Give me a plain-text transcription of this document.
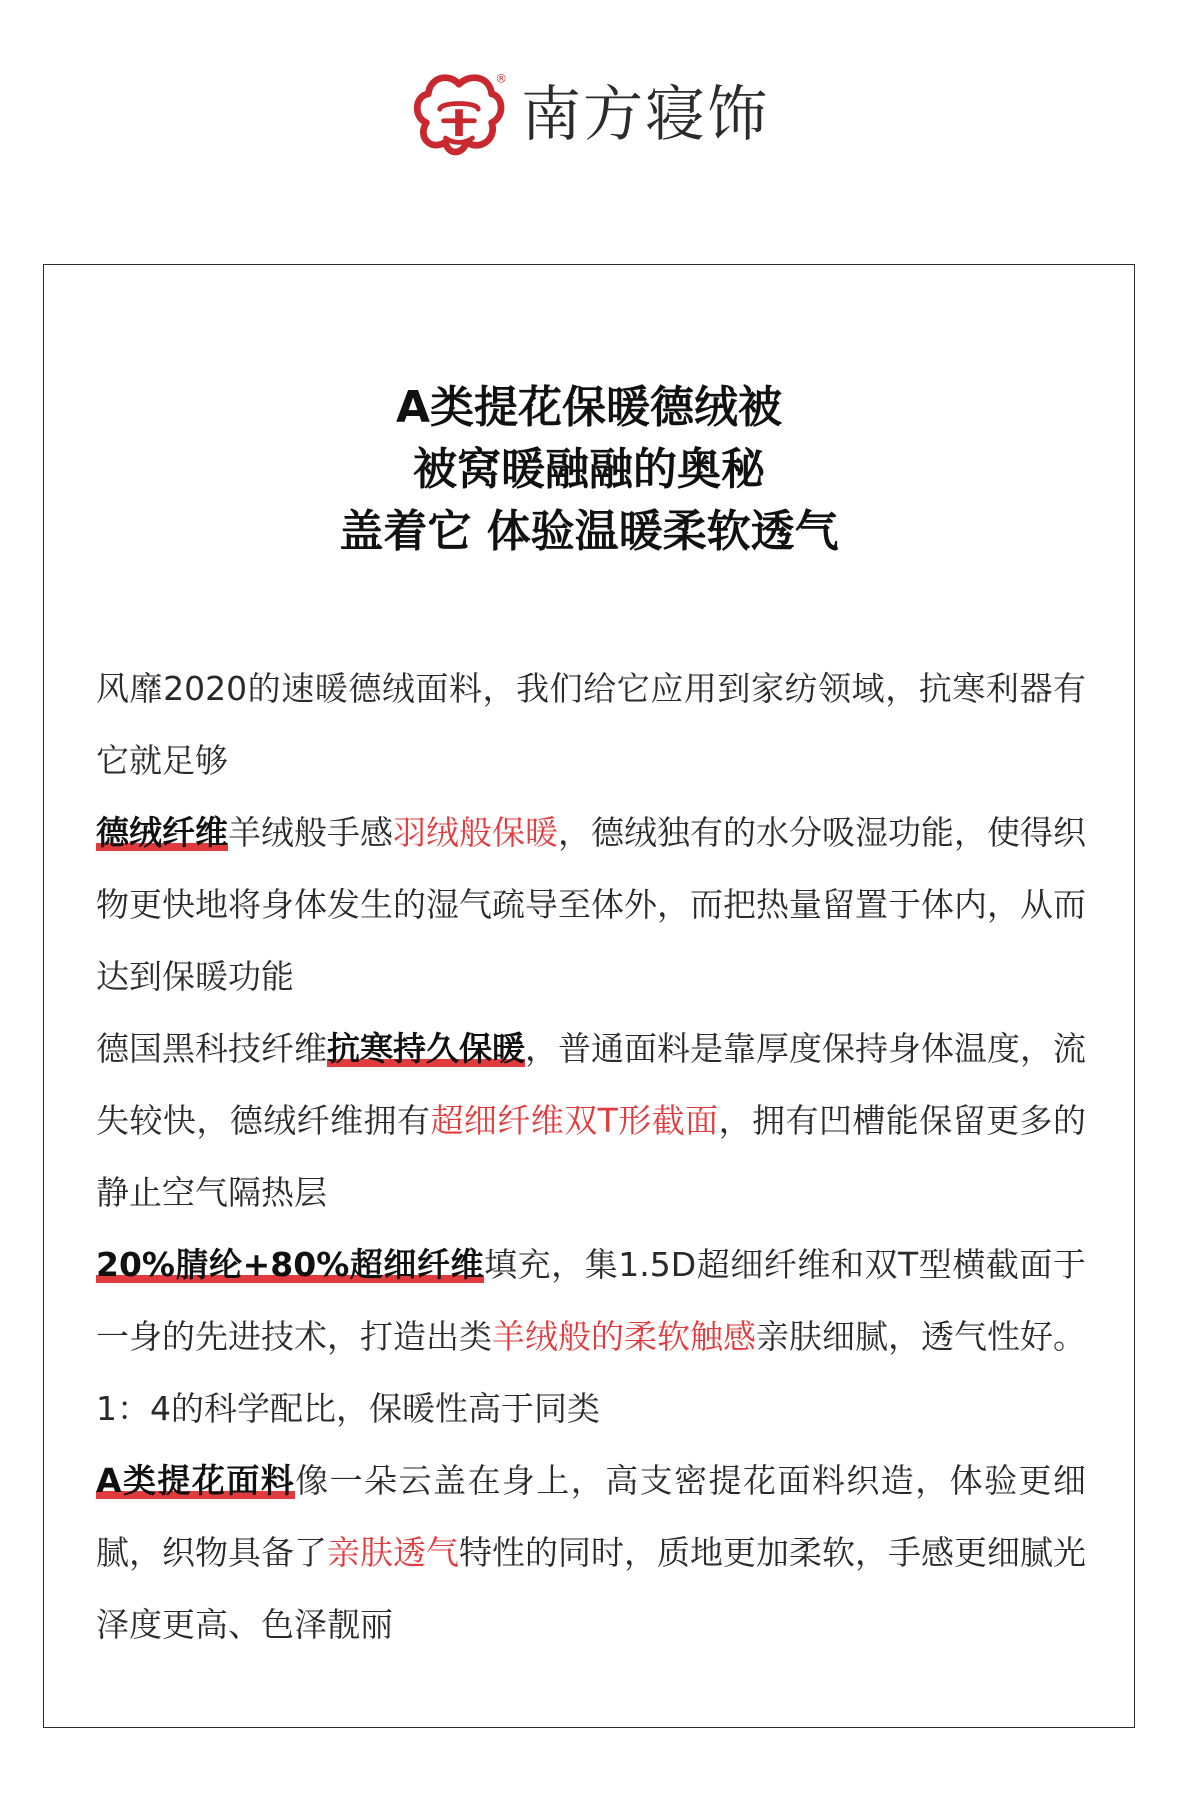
®
南方寝饰
A类提花保暖德绒被
被窝暖融融的奥秘
盖着它 体验温暖柔软透气

风靡2020的速暖德绒面料，我们给它应用到家纺领域，抗寒利器有它就足够

德绒纤维羊绒般手感羽绒般保暖，德绒独有的水分吸湿功能，使得织物更快地将身体发生的湿气疏导至体外，而把热量留置于体内，从而达到保暖功能

德国黑科技纤维抗寒持久保暖，普通面料是靠厚度保持身体温度，流失较快，德绒纤维拥有超细纤维双T形截面，拥有凹槽能保留更多的静止空气隔热层

20%腈纶+80%超细纤维填充，集1.5D超细纤维和双T型横截面于一身的先进技术，打造出类羊绒般的柔软触感亲肤细腻，透气性好。1：4的科学配比，保暖性高于同类

A类提花面料像一朵云盖在身上，高支密提花面料织造，体验更细腻，织物具备了亲肤透气特性的同时，质地更加柔软，手感更细腻光泽度更高、色泽靓丽
